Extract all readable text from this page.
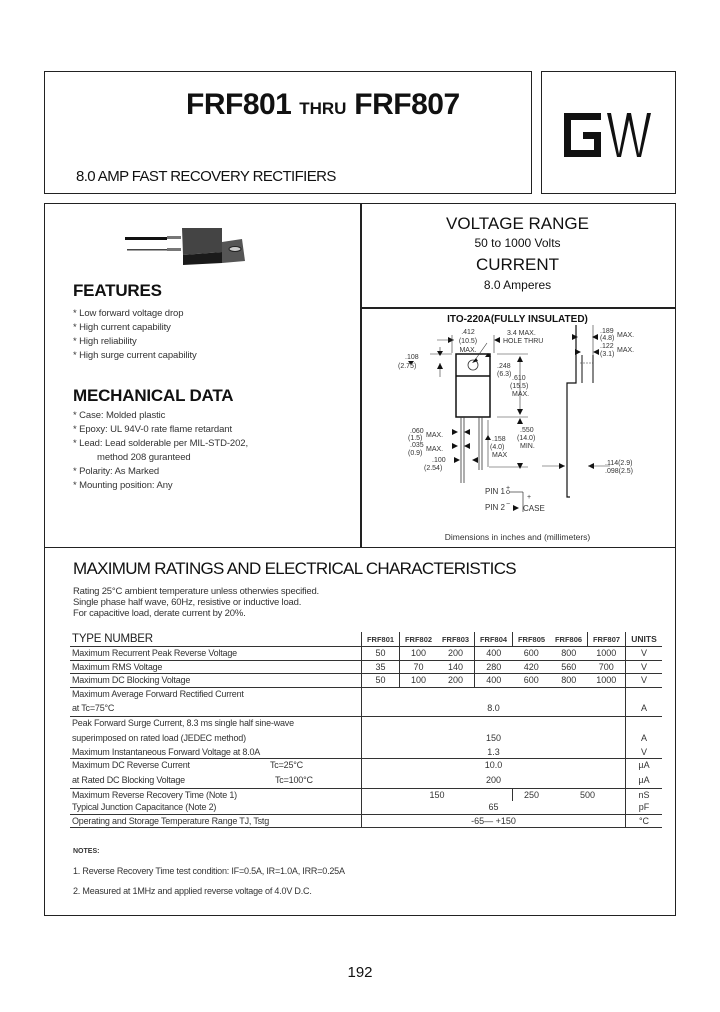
FRF801 THRU FRF807
8.0 AMP FAST RECOVERY RECTIFIERS
FEATURES
* Low forward voltage drop
* High current capability
* High reliability
* High surge current capability
MECHANICAL DATA
* Case: Molded plastic
* Epoxy: UL 94V-0 rate flame retardant
* Lead: Lead solderable per MIL-STD-202,
method 208 guranteed
* Polarity: As Marked
* Mounting position: Any
VOLTAGE RANGE
50 to 1000 Volts
CURRENT
8.0 Amperes
ITO-220A(FULLY INSULATED)
.412
(10.5)
MAX.
3.4 MAX.
HOLE THRU
.108
(2.75)	.248
(6.3)
.610
(15.5)
MAX.
.550
(14.0)
MIN.
.158
(4.0)
MAX
.060
(1.5) MAX.
.035
(0.9)
MAX.
.100
(2.54)
.189
(4.8) MAX.
.122
(3.1)
MAX.
.114(2.9)
.098(2.5)
PIN 1
PIN 2
+
−
+
CASE
Dimensions in inches and (millimeters)
MAXIMUM RATINGS AND ELECTRICAL CHARACTERISTICS
Rating 25°C ambient temperature unless otherwies specified.
Single phase half wave, 60Hz, resistive or inductive load.
For capacitive load, derate current by 20%.
TYPE NUMBER	FRF801	FRF802	FRF803	FRF804	FRF805	FRF806	FRF807	UNITS
Maximum Recurrent Peak Reverse Voltage	50	100	200	400	600	800	1000	V
Maximum RMS Voltage	35	70	140	280	420	560	700	V
Maximum DC Blocking Voltage	50	100	200	400	600	800	1000	V
Maximum Average Forward Rectified Current								
at Tc=75°C	8.0							A
Peak Forward Surge Current, 8.3 ms single half sine-wave								
superimposed on rated load (JEDEC method)	150							A
Maximum Instantaneous Forward Voltage at 8.0A	1.3							V
Maximum DC Reverse Current Tc=25°C	10.0							µA
at Rated DC Blocking Voltage Tc=100°C	200							µA
Maximum Reverse Recovery Time (Note 1)	150				250	500		nS
Typical Junction Capacitance (Note 2)	65							pF
Operating and Storage Temperature Range TJ, Tstg	-65— +150							°C
NOTES:
1. Reverse Recovery Time test condition: IF=0.5A, IR=1.0A, IRR=0.25A
2. Measured at 1MHz and applied reverse voltage of 4.0V D.C.
192
